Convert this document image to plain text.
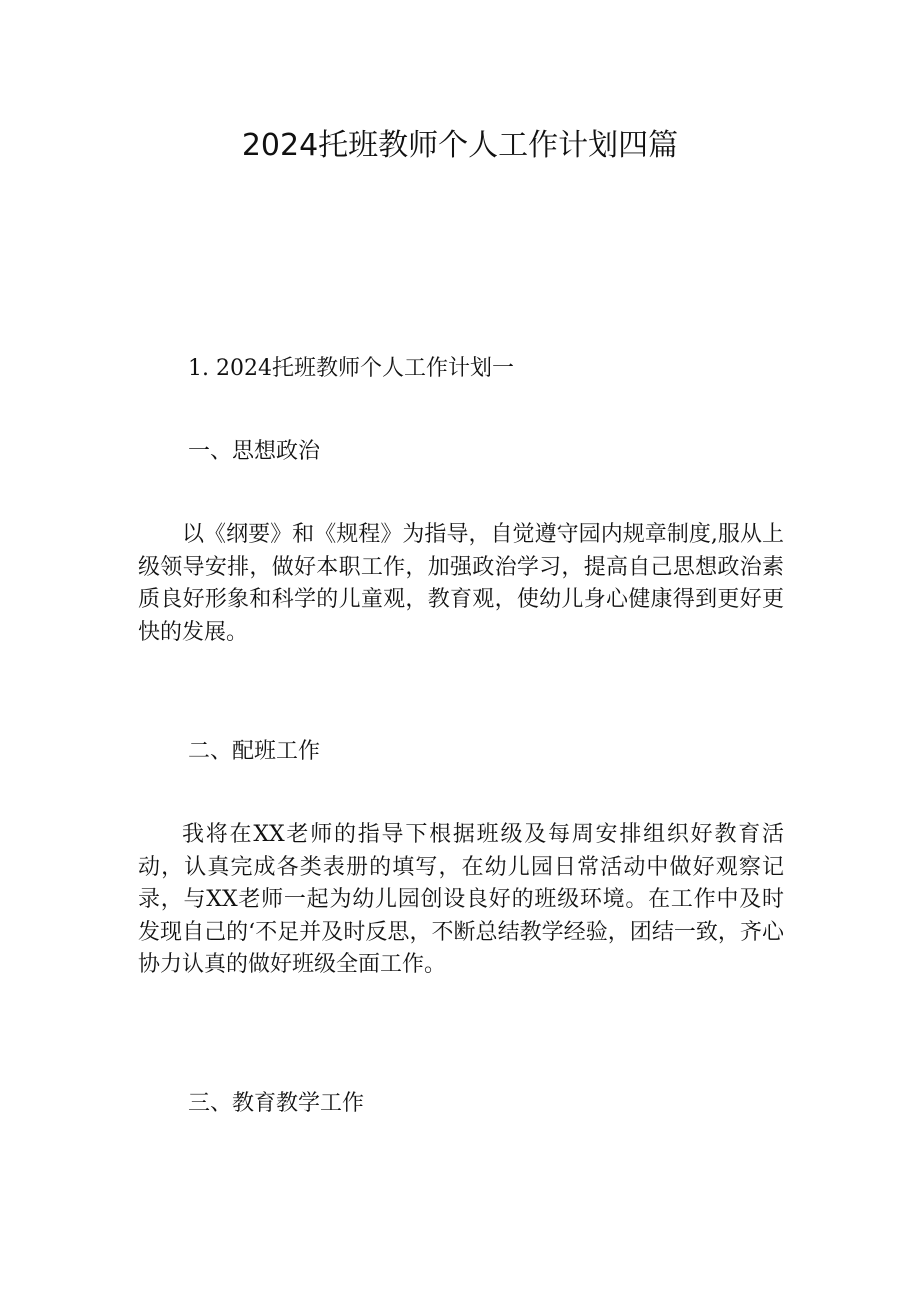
2024托班教师个人工作计划四篇
1. 2024托班教师个人工作计划一
一、思想政治

以《纲要》和《规程》为指导，自觉遵守园内规章制度,服从上级领导安排，做好本职工作，加强政治学习，提高自己思想政治素质良好形象和科学的儿童观，教育观，使幼儿身心健康得到更好更快的发展。

二、配班工作

我将在XX老师的指导下根据班级及每周安排组织好教育活动，认真完成各类表册的填写，在幼儿园日常活动中做好观察记录，与XX老师一起为幼儿园创设良好的班级环境。在工作中及时发现自己的‘不足并及时反思，不断总结教学经验，团结一致，齐心协力认真的做好班级全面工作。

三、教育教学工作
